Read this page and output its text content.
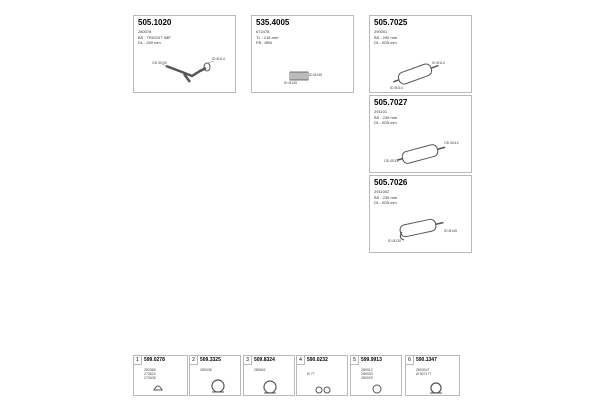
505.1020
280078
BS : TRIGGIT IMP
DL : 260 mm
OD Ø130
ID Ø114
535.4005
672478
TL : 218 mm
FB : Ø50
ID Ø145
ID Ø145
505.7025
290001
BS : 290 mm
DL : 605 mm
ID Ø114
ID Ø114
505.7027
291101
BS : 230 mm
DL : 605 mm
OD Ø114
OD Ø114
505.7026
2911002
BS : 230 mm
DL : 605 mm
ID Ø130
ID Ø145
1	599.0278
282365
270624
270635
2	509.3325
289038
3	509.8324
289602
4	590.0232
Ø 77
5	599.9913
289012
289033
289029
6	590.1347
2893047
Ø 507177
